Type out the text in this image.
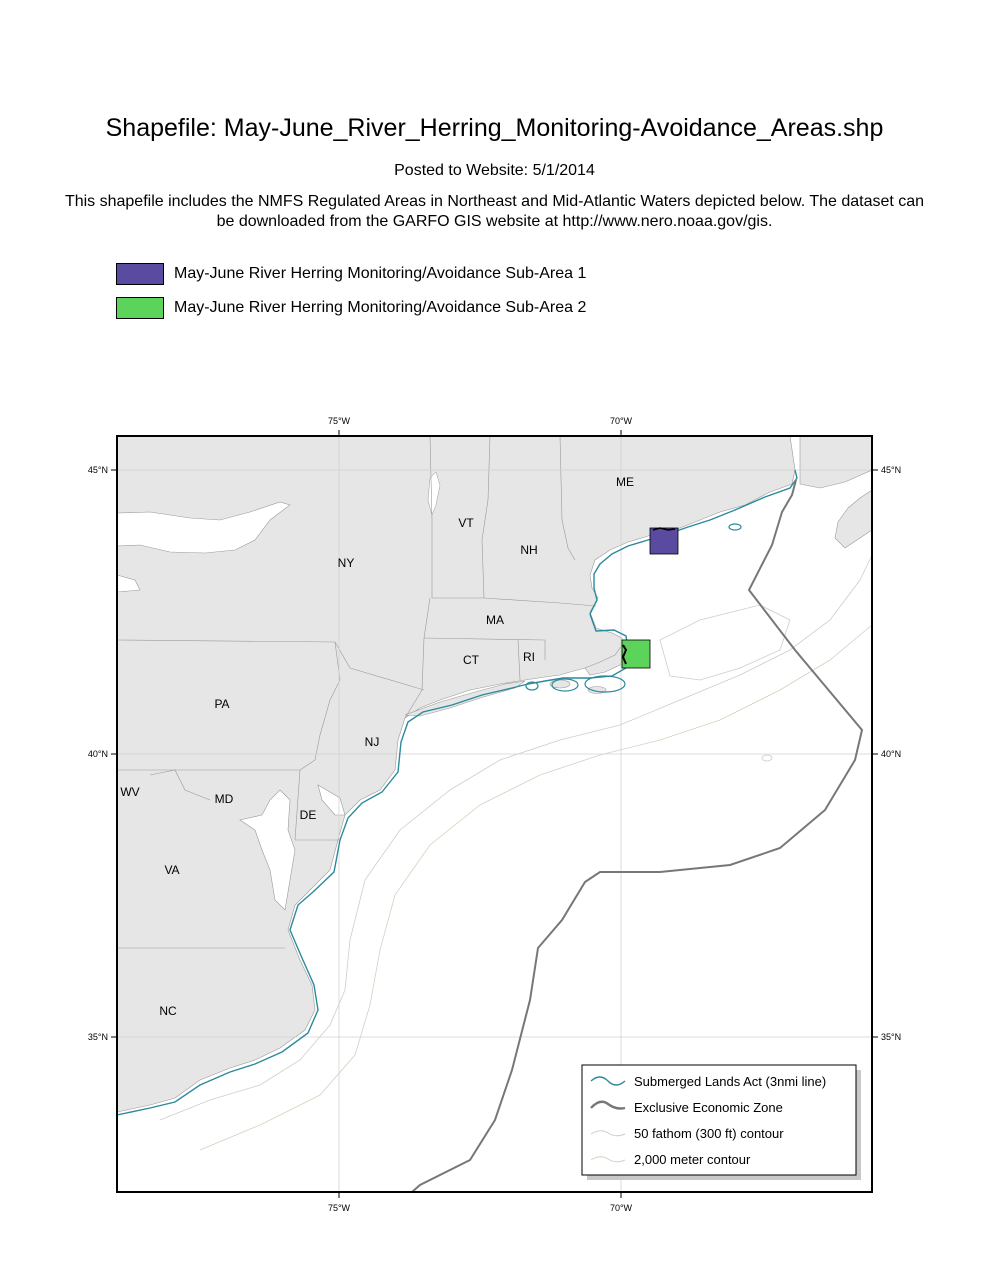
Shapefile: May-June_River_Herring_Monitoring-Avoidance_Areas.shp
Posted to Website: 5/1/2014
This shapefile includes the NMFS Regulated Areas in Northeast and Mid-Atlantic Waters depicted below. The dataset can be downloaded from the GARFO GIS website at http://www.nero.noaa.gov/gis.
May-June River Herring Monitoring/Avoidance Sub-Area 1
May-June River Herring Monitoring/Avoidance Sub-Area 2
75°W	70°W
75°W	70°W
45°N
40°N
35°N
45°N
40°N
35°N
ME
VT
NH
NY
MA
CT	RI
PA
NJ
WV	MD
DE
VA
NC
Submerged Lands Act (3nmi line)
Exclusive Economic Zone
50 fathom (300 ft) contour
2,000 meter contour
